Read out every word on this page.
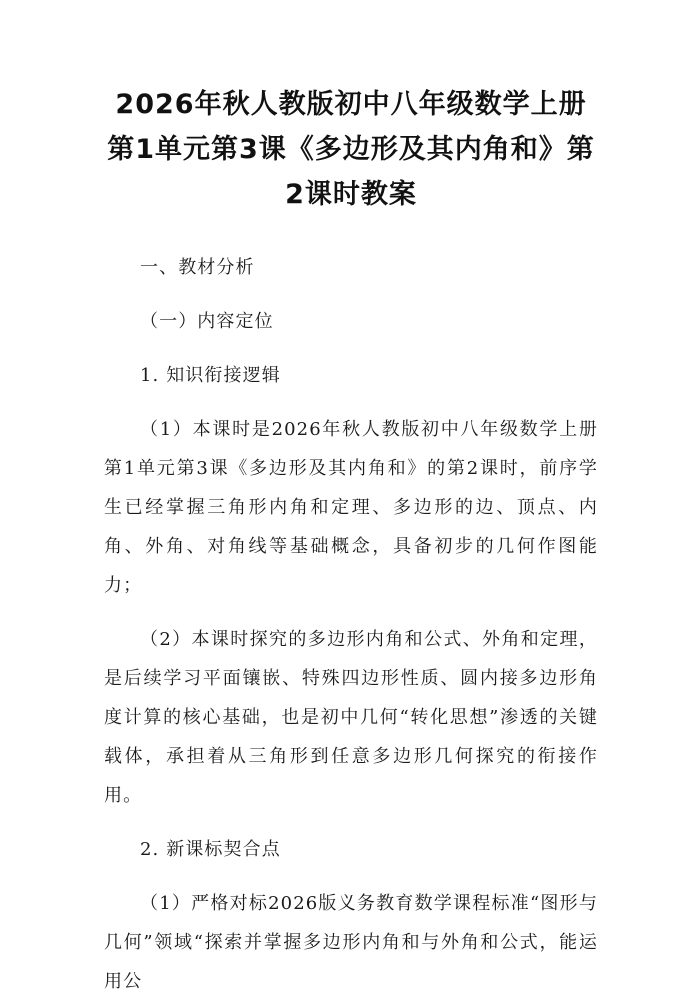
2026年秋人教版初中八年级数学上册第1单元第3课《多边形及其内角和》第2课时教案

一、教材分析

（一）内容定位

1. 知识衔接逻辑

（1）本课时是2026年秋人教版初中八年级数学上册第1单元第3课《多边形及其内角和》的第2课时，前序学生已经掌握三角形内角和定理、多边形的边、顶点、内角、外角、对角线等基础概念，具备初步的几何作图能力；

（2）本课时探究的多边形内角和公式、外角和定理，是后续学习平面镶嵌、特殊四边形性质、圆内接多边形角度计算的核心基础，也是初中几何“转化思想”渗透的关键载体，承担着从三角形到任意多边形几何探究的衔接作用。

2. 新课标契合点

（1）严格对标2026版义务教育数学课程标准“图形与几何”领域“探索并掌握多边形内角和与外角和公式，能运用公
